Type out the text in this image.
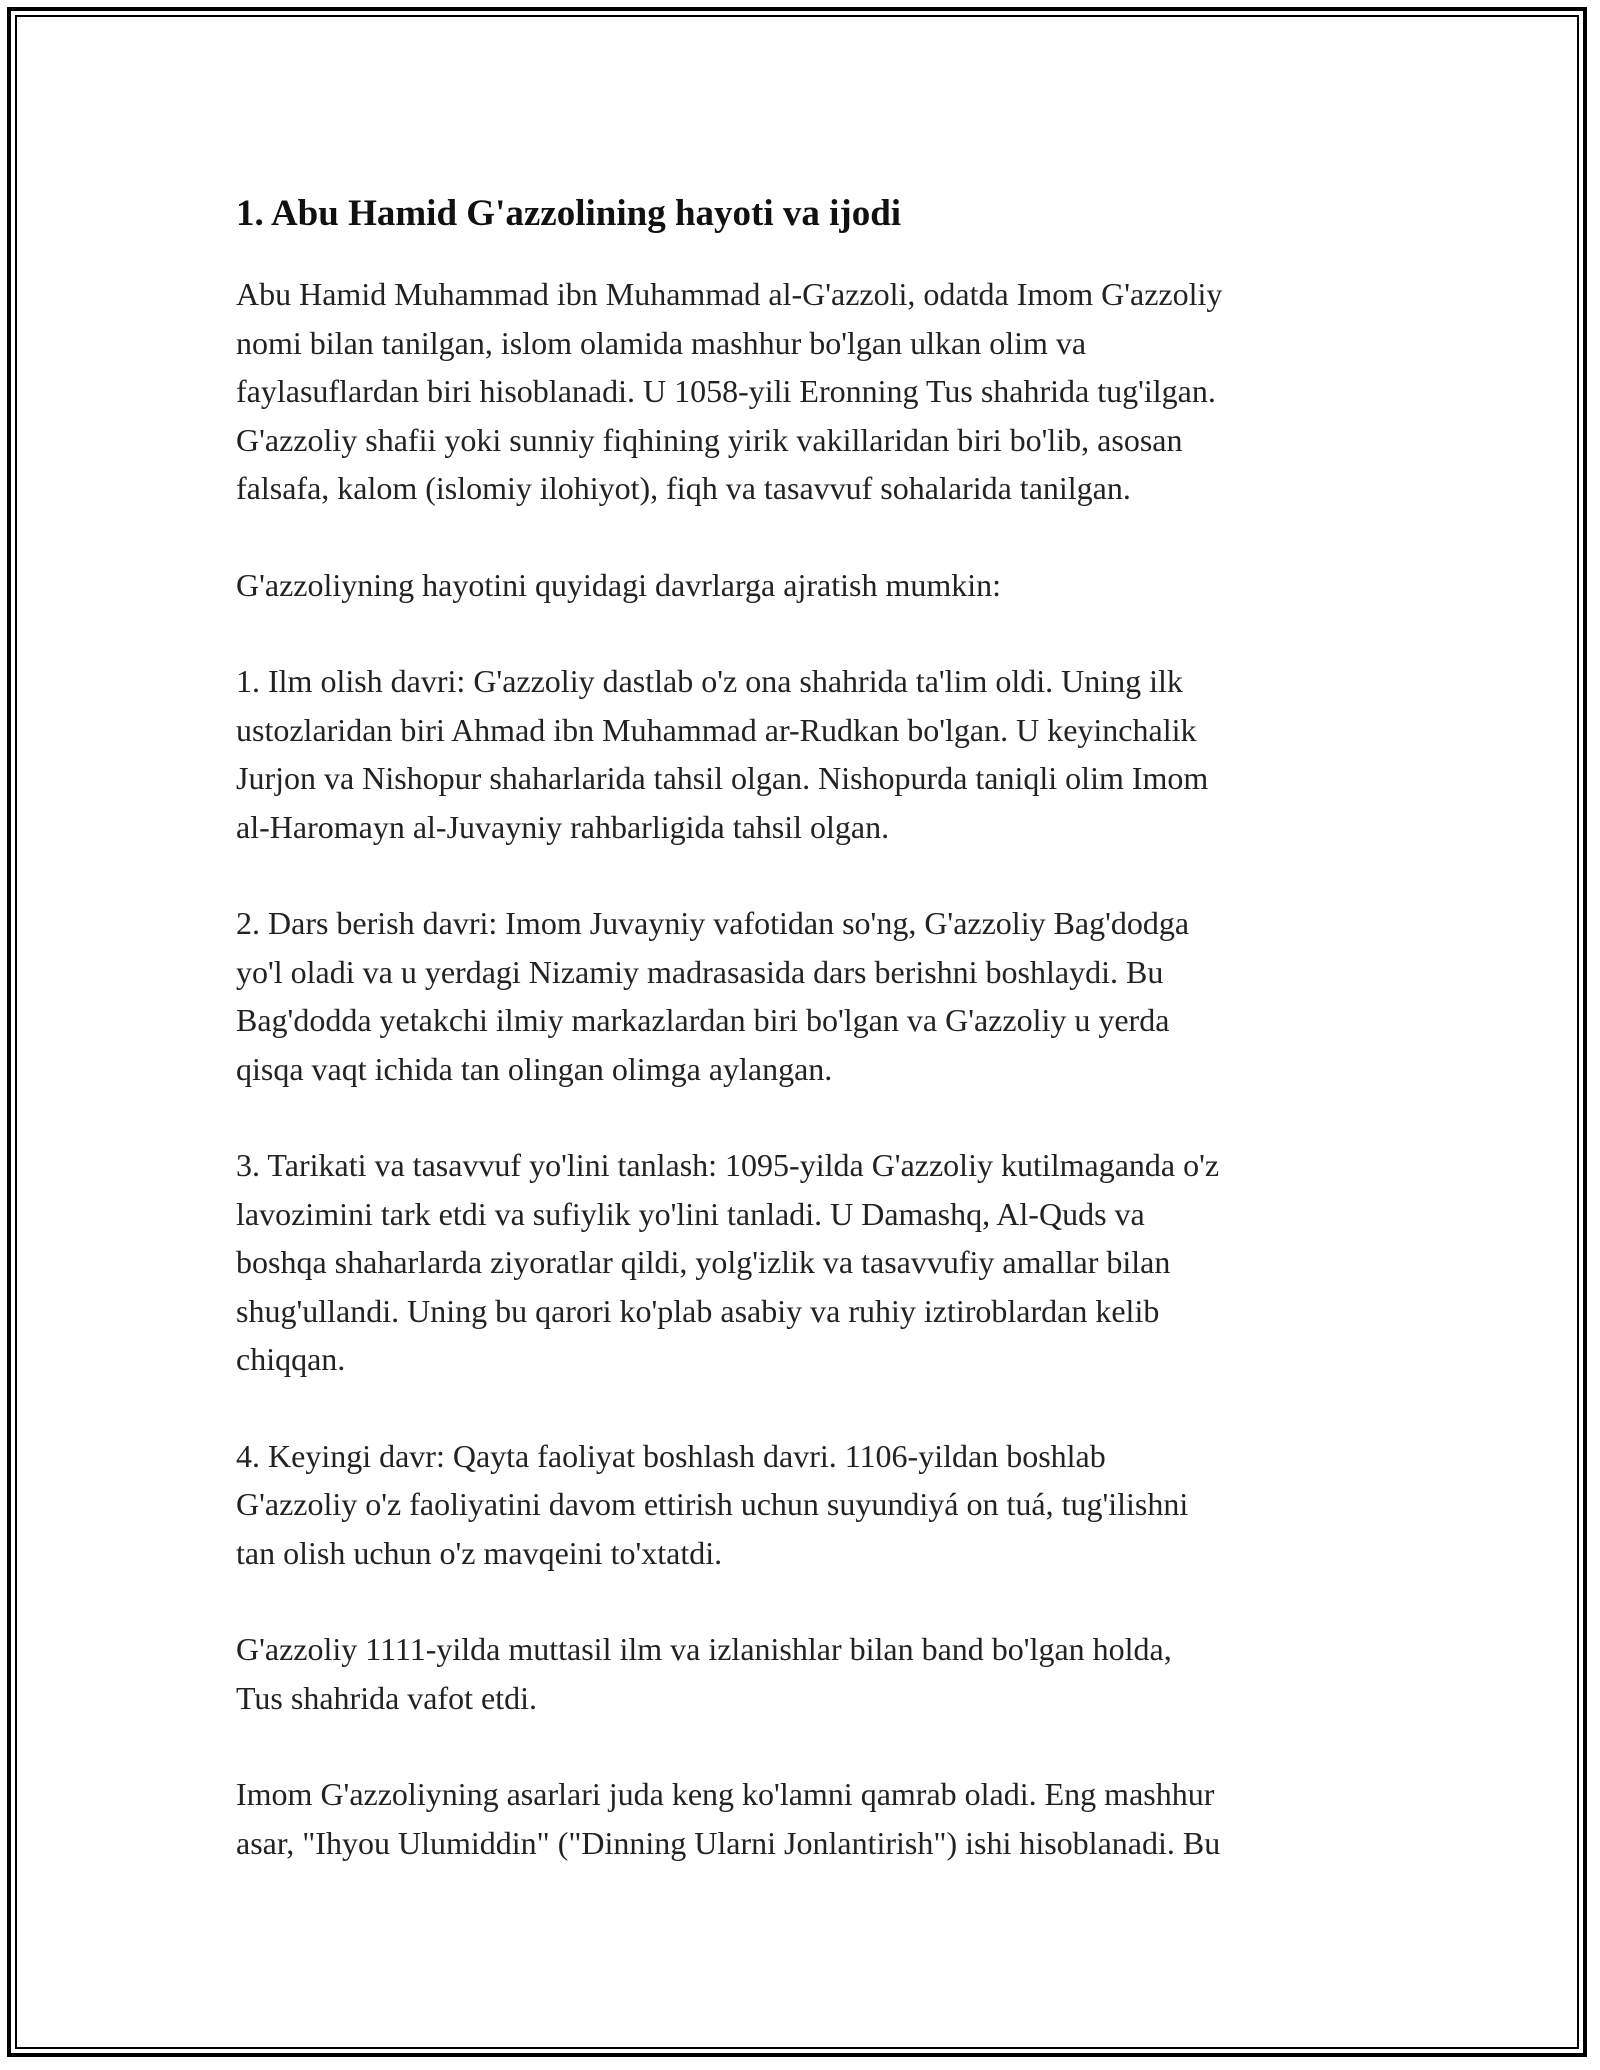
1. Abu Hamid G'azzolining hayoti va ijodi

Abu Hamid Muhammad ibn Muhammad al-G'azzoli, odatda Imom G'azzoliy
nomi bilan tanilgan, islom olamida mashhur bo'lgan ulkan olim va
faylasuflardan biri hisoblanadi. U 1058-yili Eronning Tus shahrida tug'ilgan.
G'azzoliy shafii yoki sunniy fiqhining yirik vakillaridan biri bo'lib, asosan
falsafa, kalom (islomiy ilohiyot), fiqh va tasavvuf sohalarida tanilgan.

G'azzoliyning hayotini quyidagi davrlarga ajratish mumkin:

1. Ilm olish davri: G'azzoliy dastlab o'z ona shahrida ta'lim oldi. Uning ilk
ustozlaridan biri Ahmad ibn Muhammad ar-Rudkan bo'lgan. U keyinchalik
Jurjon va Nishopur shaharlarida tahsil olgan. Nishopurda taniqli olim Imom
al-Haromayn al-Juvayniy rahbarligida tahsil olgan.

2. Dars berish davri: Imom Juvayniy vafotidan so'ng, G'azzoliy Bag'dodga
yo'l oladi va u yerdagi Nizamiy madrasasida dars berishni boshlaydi. Bu
Bag'dodda yetakchi ilmiy markazlardan biri bo'lgan va G'azzoliy u yerda
qisqa vaqt ichida tan olingan olimga aylangan.

3. Tarikati va tasavvuf yo'lini tanlash: 1095-yilda G'azzoliy kutilmaganda o'z
lavozimini tark etdi va sufiylik yo'lini tanladi. U Damashq, Al-Quds va
boshqa shaharlarda ziyoratlar qildi, yolg'izlik va tasavvufiy amallar bilan
shug'ullandi. Uning bu qarori ko'plab asabiy va ruhiy iztiroblardan kelib
chiqqan.

4. Keyingi davr: Qayta faoliyat boshlash davri. 1106-yildan boshlab
G'azzoliy o'z faoliyatini davom ettirish uchun suyundiyá on tuá, tug'ilishni
tan olish uchun o'z mavqeini to'xtatdi.

G'azzoliy 1111-yilda muttasil ilm va izlanishlar bilan band bo'lgan holda,
Tus shahrida vafot etdi.

Imom G'azzoliyning asarlari juda keng ko'lamni qamrab oladi. Eng mashhur
asar, "Ihyou Ulumiddin" ("Dinning Ularni Jonlantirish") ishi hisoblanadi. Bu
